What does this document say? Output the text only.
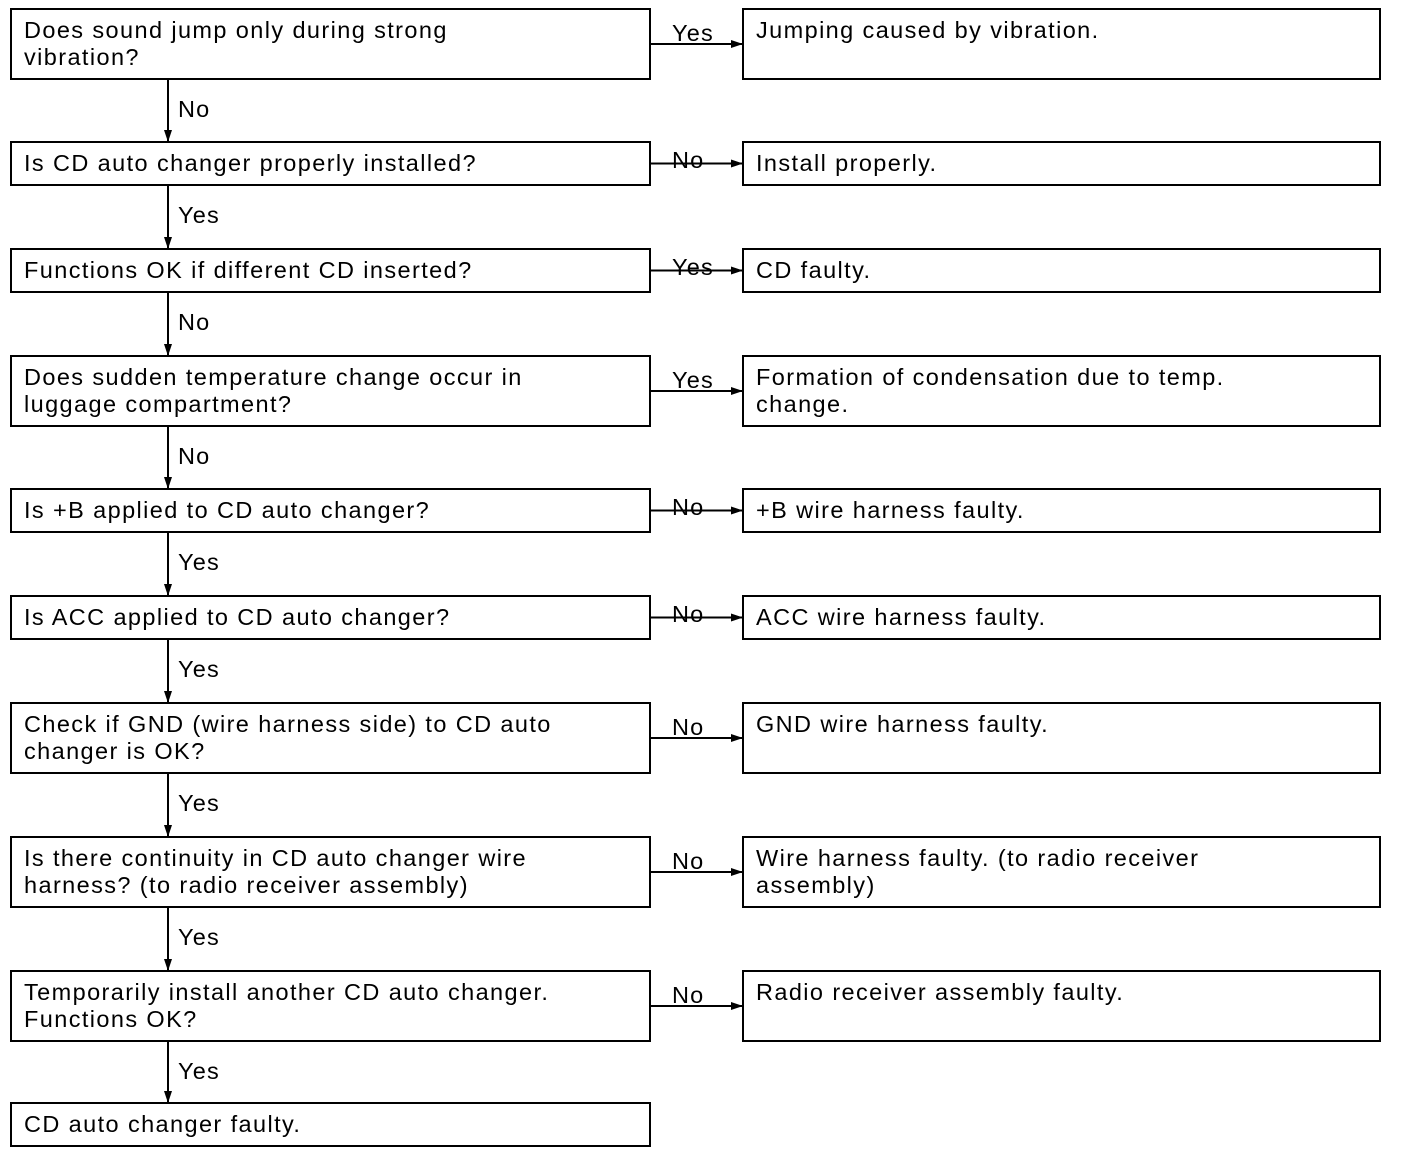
Does sound jump only during strong
vibration?
Jumping caused by vibration.
Yes
No
Is CD auto changer properly installed?	Install properly.
No
Yes
Functions OK if different CD inserted?	CD faulty.
Yes
No
Does sudden temperature change occur in
luggage compartment?
Formation of condensation due to temp.
change.
Yes
No
Is +B applied to CD auto changer?	+B wire harness faulty.
No
Yes
Is ACC applied to CD auto changer?	ACC wire harness faulty.
No
Yes
Check if GND (wire harness side) to CD auto
changer is OK?
GND wire harness faulty.
No
Yes
Is there continuity in CD auto changer wire
harness? (to radio receiver assembly)
Wire harness faulty. (to radio receiver
assembly)
No
Yes
Temporarily install another CD auto changer.
Functions OK?
Radio receiver assembly faulty.
No
Yes
CD auto changer faulty.
